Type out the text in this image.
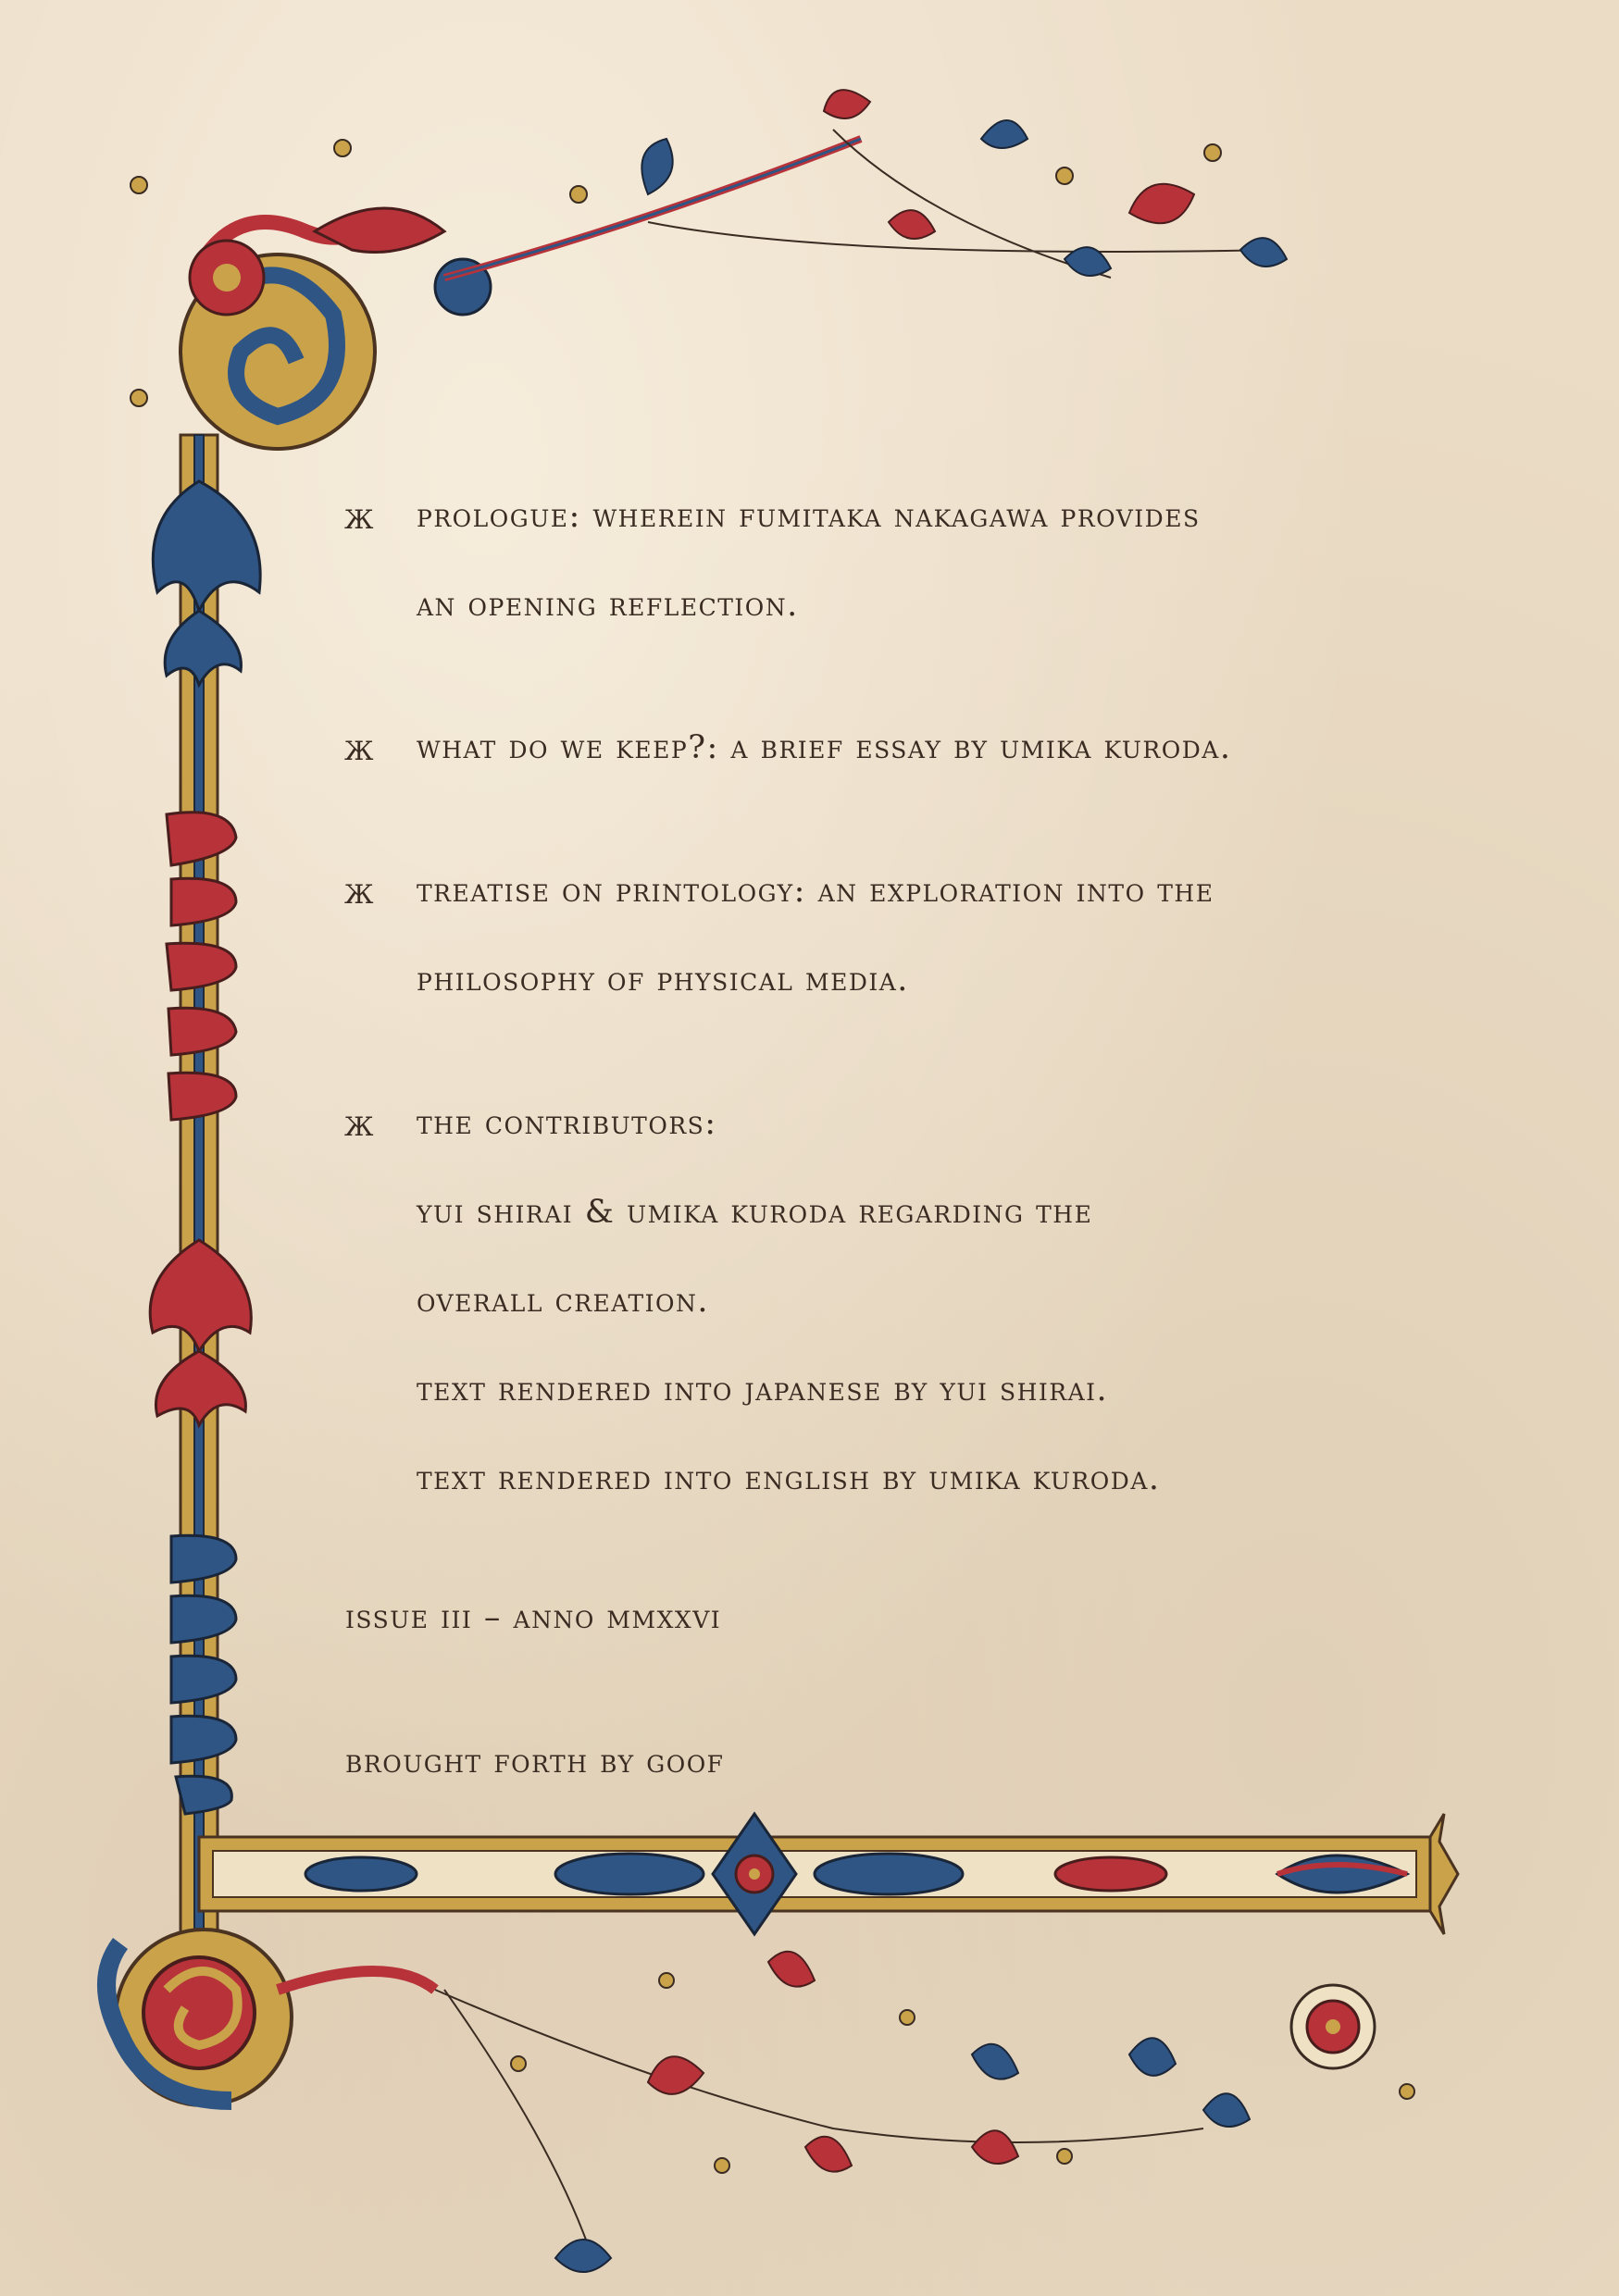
ж prologue: wherein fumitaka nakagawa provides
an opening reflection.
ж what do we keep?: a brief essay by umika kuroda.
ж treatise on printology: an exploration into the
philosophy of physical media.
ж the contributors:
yui shirai & umika kuroda regarding the
overall creation.
text rendered into japanese by yui shirai.
text rendered into english by umika kuroda.
issue iii – anno mmxxvi
brought forth by goof
